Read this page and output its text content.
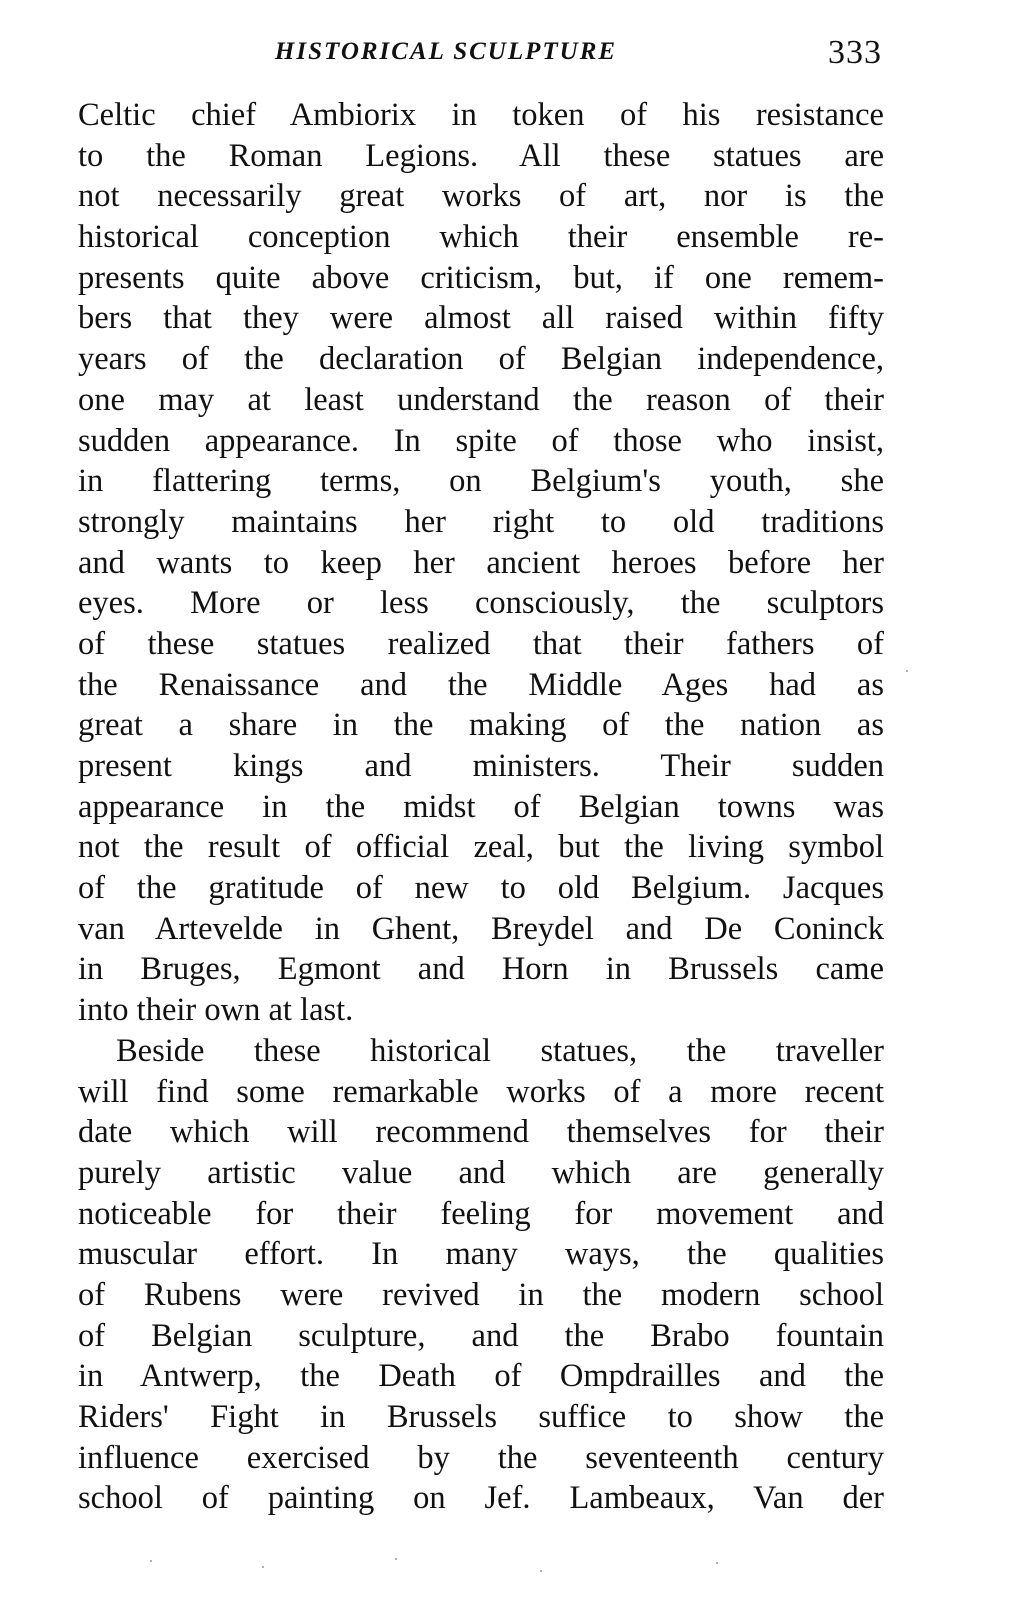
HISTORICAL SCULPTURE	333
Celtic chief Ambiorix in token of his resistance
to the Roman Legions. All these statues are
not necessarily great works of art, nor is the
historical conception which their ensemble re-
presents quite above criticism, but, if one remem-
bers that they were almost all raised within fifty
years of the declaration of Belgian independence,
one may at least understand the reason of their
sudden appearance. In spite of those who insist,
in flattering terms, on Belgium's youth, she
strongly maintains her right to old traditions
and wants to keep her ancient heroes before her
eyes. More or less consciously, the sculptors
of these statues realized that their fathers of
the Renaissance and the Middle Ages had as
great a share in the making of the nation as
present kings and ministers. Their sudden
appearance in the midst of Belgian towns was
not the result of official zeal, but the living symbol
of the gratitude of new to old Belgium. Jacques
van Artevelde in Ghent, Breydel and De Coninck
in Bruges, Egmont and Horn in Brussels came
into their own at last.
Beside these historical statues, the traveller
will find some remarkable works of a more recent
date which will recommend themselves for their
purely artistic value and which are generally
noticeable for their feeling for movement and
muscular effort. In many ways, the qualities
of Rubens were revived in the modern school
of Belgian sculpture, and the Brabo fountain
in Antwerp, the Death of Ompdrailles and the
Riders' Fight in Brussels suffice to show the
influence exercised by the seventeenth century
school of painting on Jef. Lambeaux, Van der
